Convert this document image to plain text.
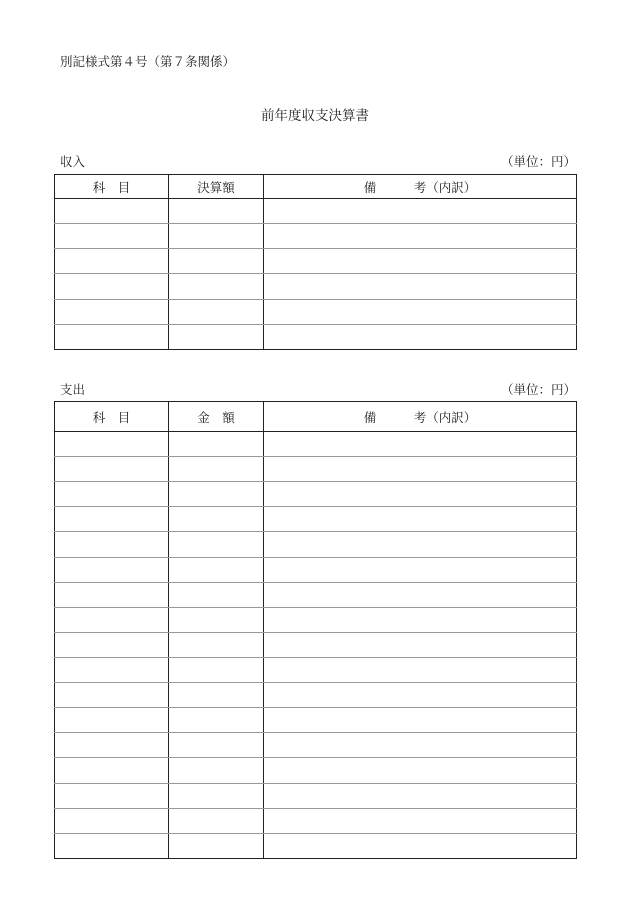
別記様式第４号（第７条関係）
前年度収支決算書
収入	（単位：円）
科　目	決算額	備　　　考（内訳）

支出	（単位：円）
科　目	金　額	備　　　考（内訳）
